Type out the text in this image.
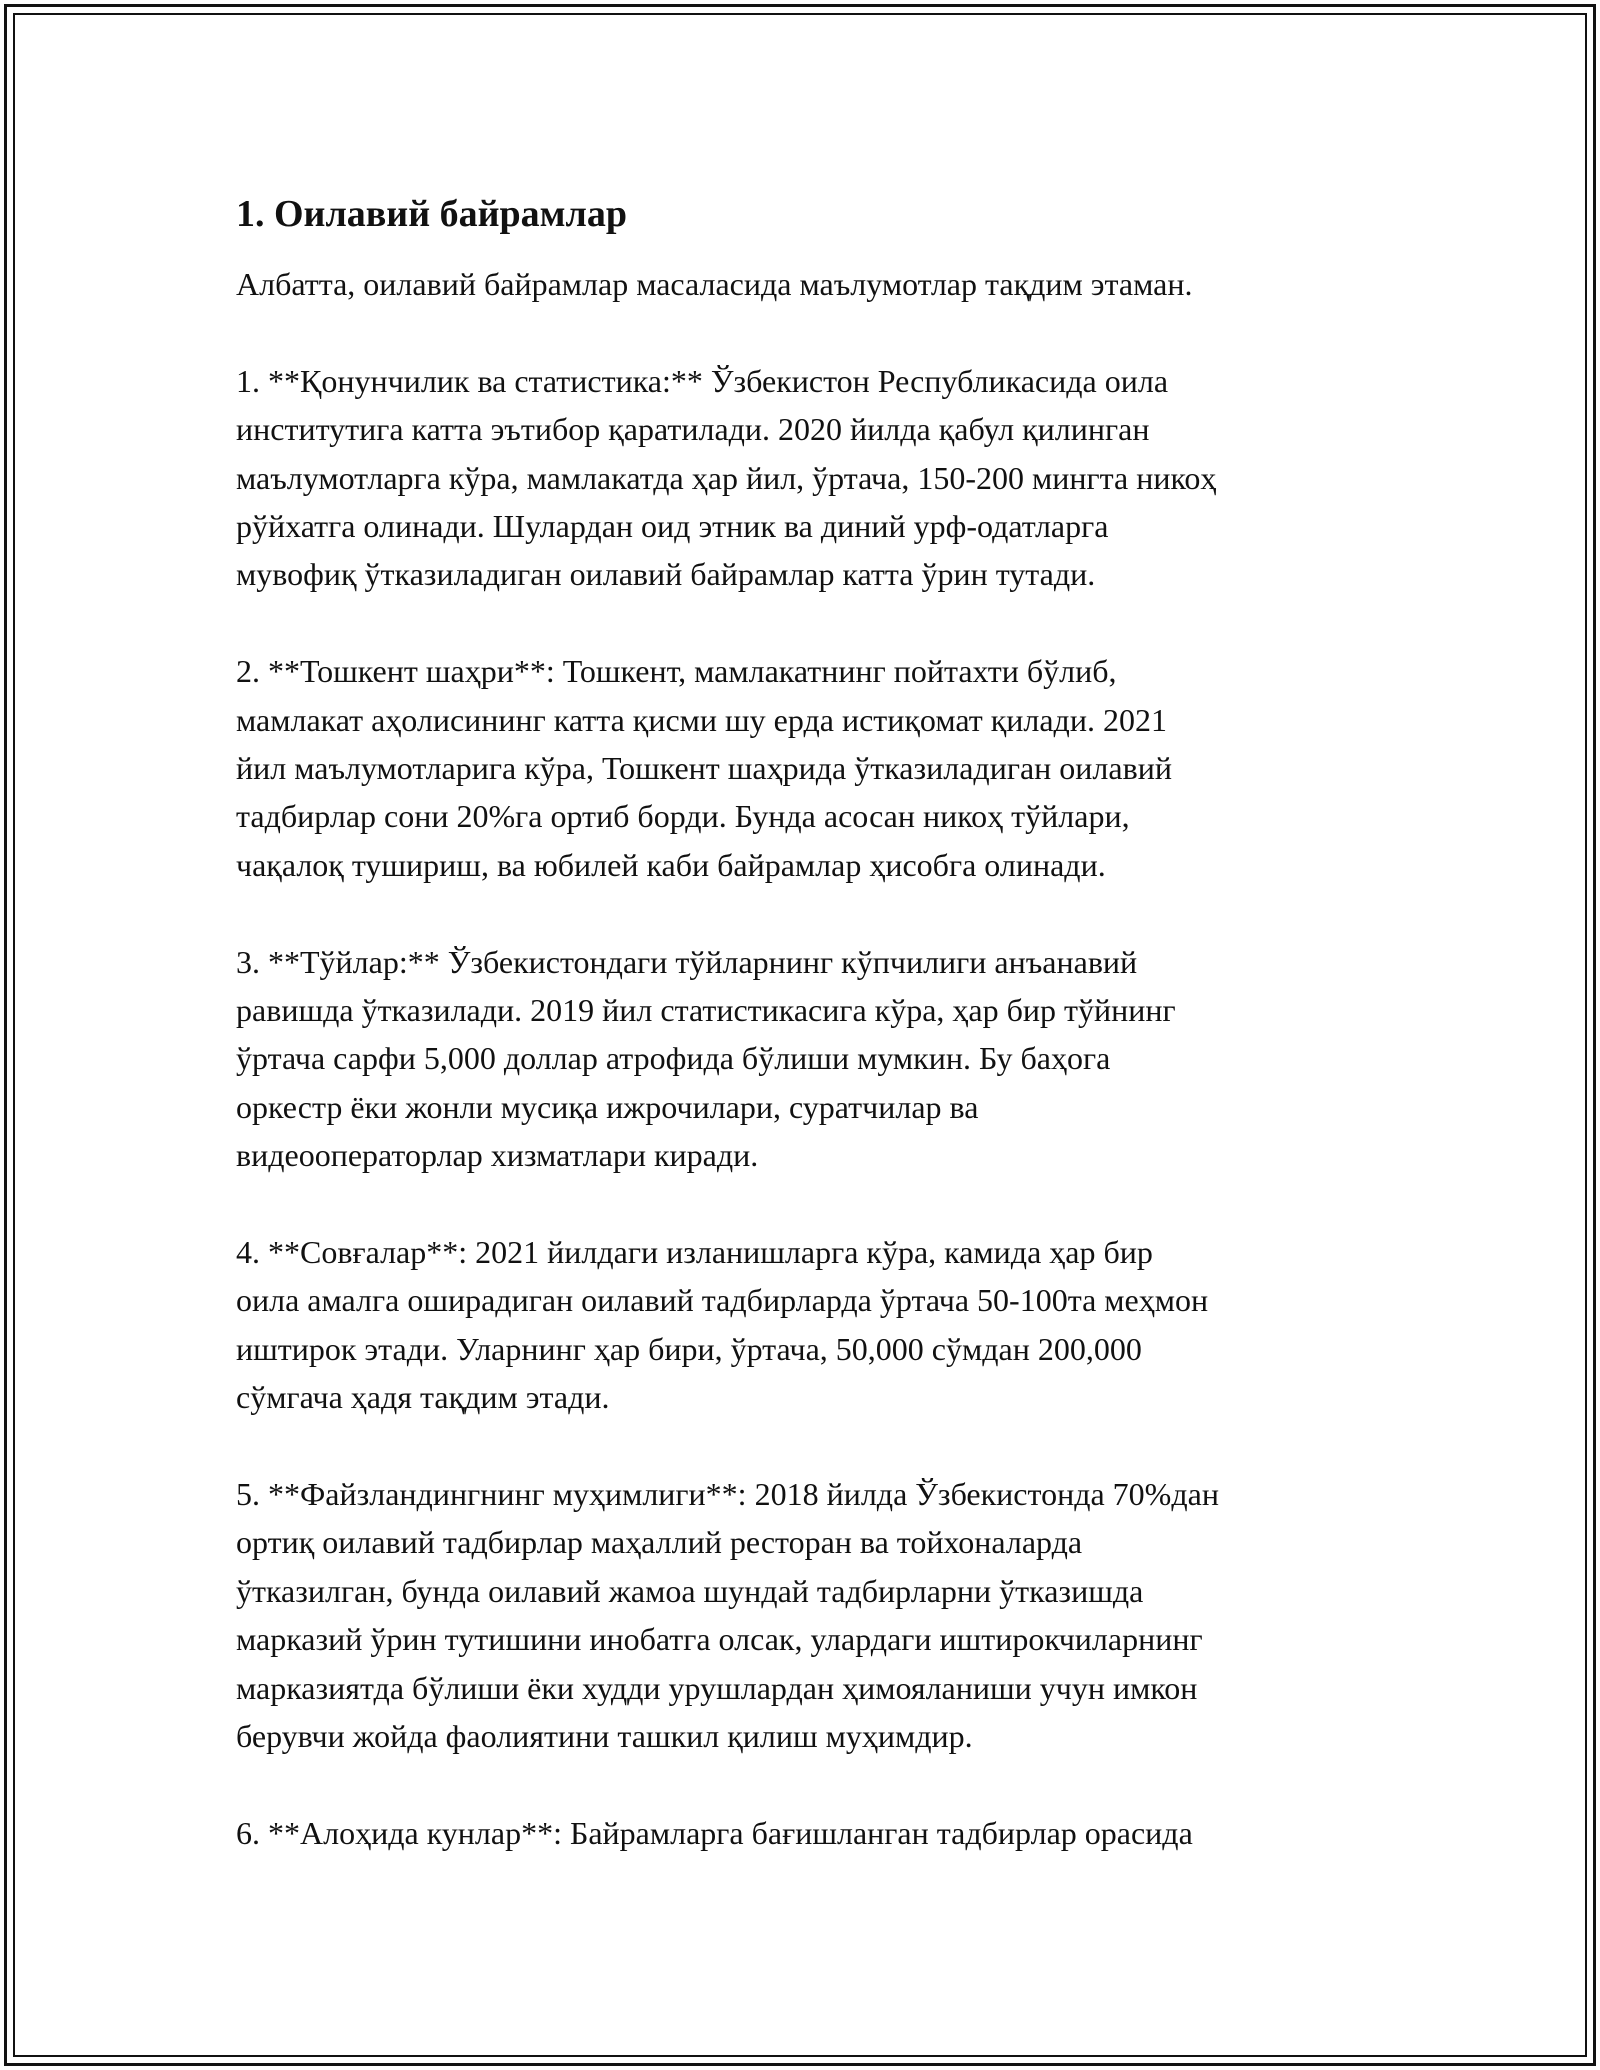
1. Оилавий байрамлар

Албатта, оилавий байрамлар масаласида маълумотлар тақдим этаман.

1. **Қонунчилик ва статистика:** Ўзбекистон Республикасида оила
институтига катта эътибор қаратилади. 2020 йилда қабул қилинган
маълумотларга кўра, мамлакатда ҳар йил, ўртача, 150-200 мингта никоҳ
рўйхатга олинади. Шулардан оид этник ва диний урф-одатларга
мувофиқ ўтказиладиган оилавий байрамлар катта ўрин тутади.

2. **Тошкент шаҳри**: Тошкент, мамлакатнинг пойтахти бўлиб,
мамлакат аҳолисининг катта қисми шу ерда истиқомат қилади. 2021
йил маълумотларига кўра, Тошкент шаҳрида ўтказиладиган оилавий
тадбирлар сони 20%га ортиб борди. Бунда асосан никоҳ тўйлари,
чақалоқ тушириш, ва юбилей каби байрамлар ҳисобга олинади.

3. **Тўйлар:** Ўзбекистондаги тўйларнинг кўпчилиги анъанавий
равишда ўтказилади. 2019 йил статистикасига кўра, ҳар бир тўйнинг
ўртача сарфи 5,000 доллар атрофида бўлиши мумкин. Бу баҳога
оркестр ёки жонли мусиқа ижрочилари, суратчилар ва
видеооператорлар хизматлари киради.

4. **Совғалар**: 2021 йилдаги изланишларга кўра, камида ҳар бир
оила амалга оширадиган оилавий тадбирларда ўртача 50-100та меҳмон
иштирок этади. Уларнинг ҳар бири, ўртача, 50,000 сўмдан 200,000
сўмгача ҳадя тақдим этади.

5. **Файзландингнинг муҳимлиги**: 2018 йилда Ўзбекистонда 70%дан
ортиқ оилавий тадбирлар маҳаллий ресторан ва тойхоналарда
ўтказилган, бунда оилавий жамоа шундай тадбирларни ўтказишда
марказий ўрин тутишини инобатга олсак, улардаги иштирокчиларнинг
марказиятда бўлиши ёки худди урушлардан ҳимояланиши учун имкон
берувчи жойда фаолиятини ташкил қилиш муҳимдир.

6. **Алоҳида кунлар**: Байрамларга бағишланган тадбирлар орасида
